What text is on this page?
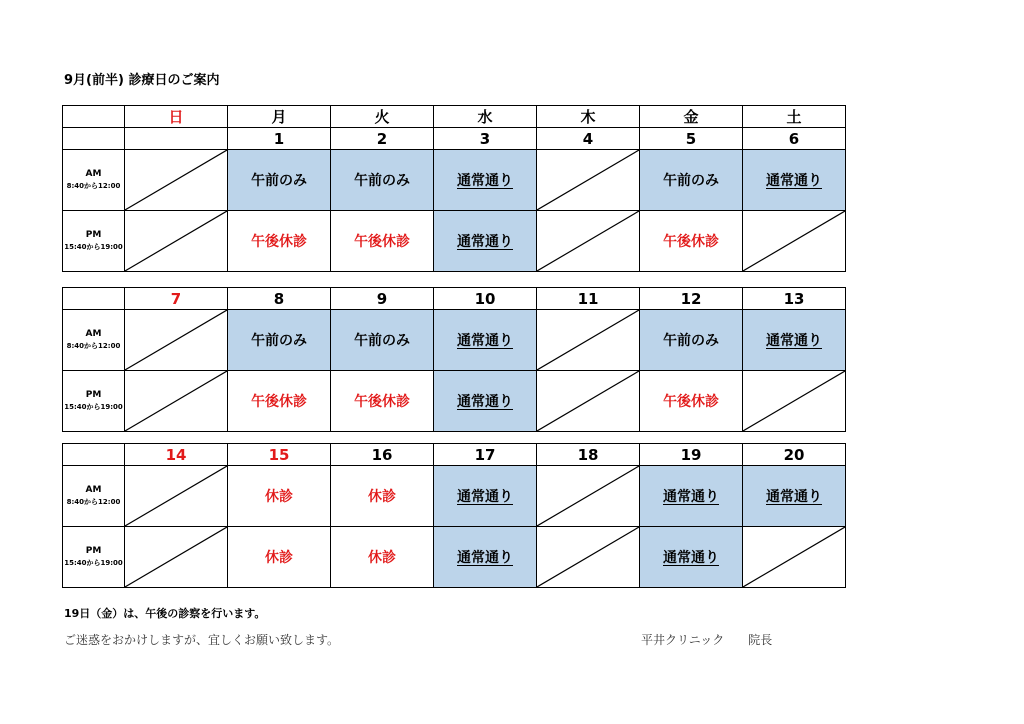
9月(前半) 診療日のご案内
	日	月	火	水	木	金	土
		1	2	3	4	5	6

AM
8:40から12:00		午前のみ	午前のみ	通常通り		午前のみ	通常通り

PM
15:40から19:00		午後休診	午後休診	通常通り		午後休診	
	7	8	9	10	11	12	13

AM
8:40から12:00		午前のみ	午前のみ	通常通り		午前のみ	通常通り

PM
15:40から19:00		午後休診	午後休診	通常通り		午後休診	
	14	15	16	17	18	19	20

AM
8:40から12:00		休診	休診	通常通り		通常通り	通常通り

PM
15:40から19:00		休診	休診	通常通り		通常通り	
19日（金）は、午後の診察を行います。
ご迷惑をおかけしますが、宜しくお願い致します。	平井クリニック　　院長
